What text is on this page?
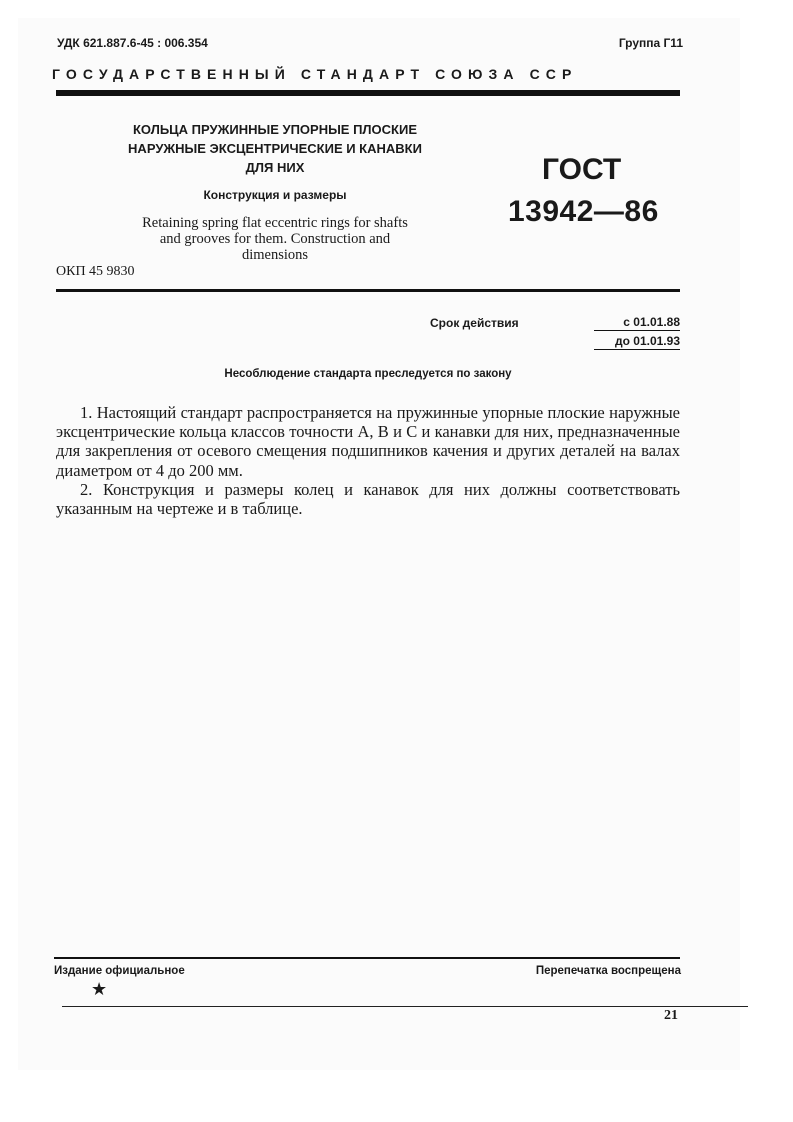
УДК 621.887.6-45 : 006.354	Группа Г11
ГОСУДАРСТВЕННЫЙ СТАНДАРТ СОЮЗА ССР
КОЛЬЦА ПРУЖИННЫЕ УПОРНЫЕ ПЛОСКИЕ
НАРУЖНЫЕ ЭКСЦЕНТРИЧЕСКИЕ И КАНАВКИ
ДЛЯ НИХ
Конструкция и размеры
Retaining spring flat eccentric rings for shafts
and grooves for them. Construction and
dimensions
ОКП 45 9830
ГОСТ
13942—86
Срок действия	с 01.01.88
до 01.01.93
Несоблюдение стандарта преследуется по закону

1. Настоящий стандарт распространяется на пружинные упорные плоские наружные эксцентрические кольца классов точности А, В и С и канавки для них, предназначенные для закрепления от осевого смещения подшипников качения и других деталей на валах диаметром от 4 до 200 мм.

2. Конструкция и размеры колец и канавок для них должны соответствовать указанным на чертеже и в таблице.

Издание официальное
★
Перепечатка воспрещена
21
